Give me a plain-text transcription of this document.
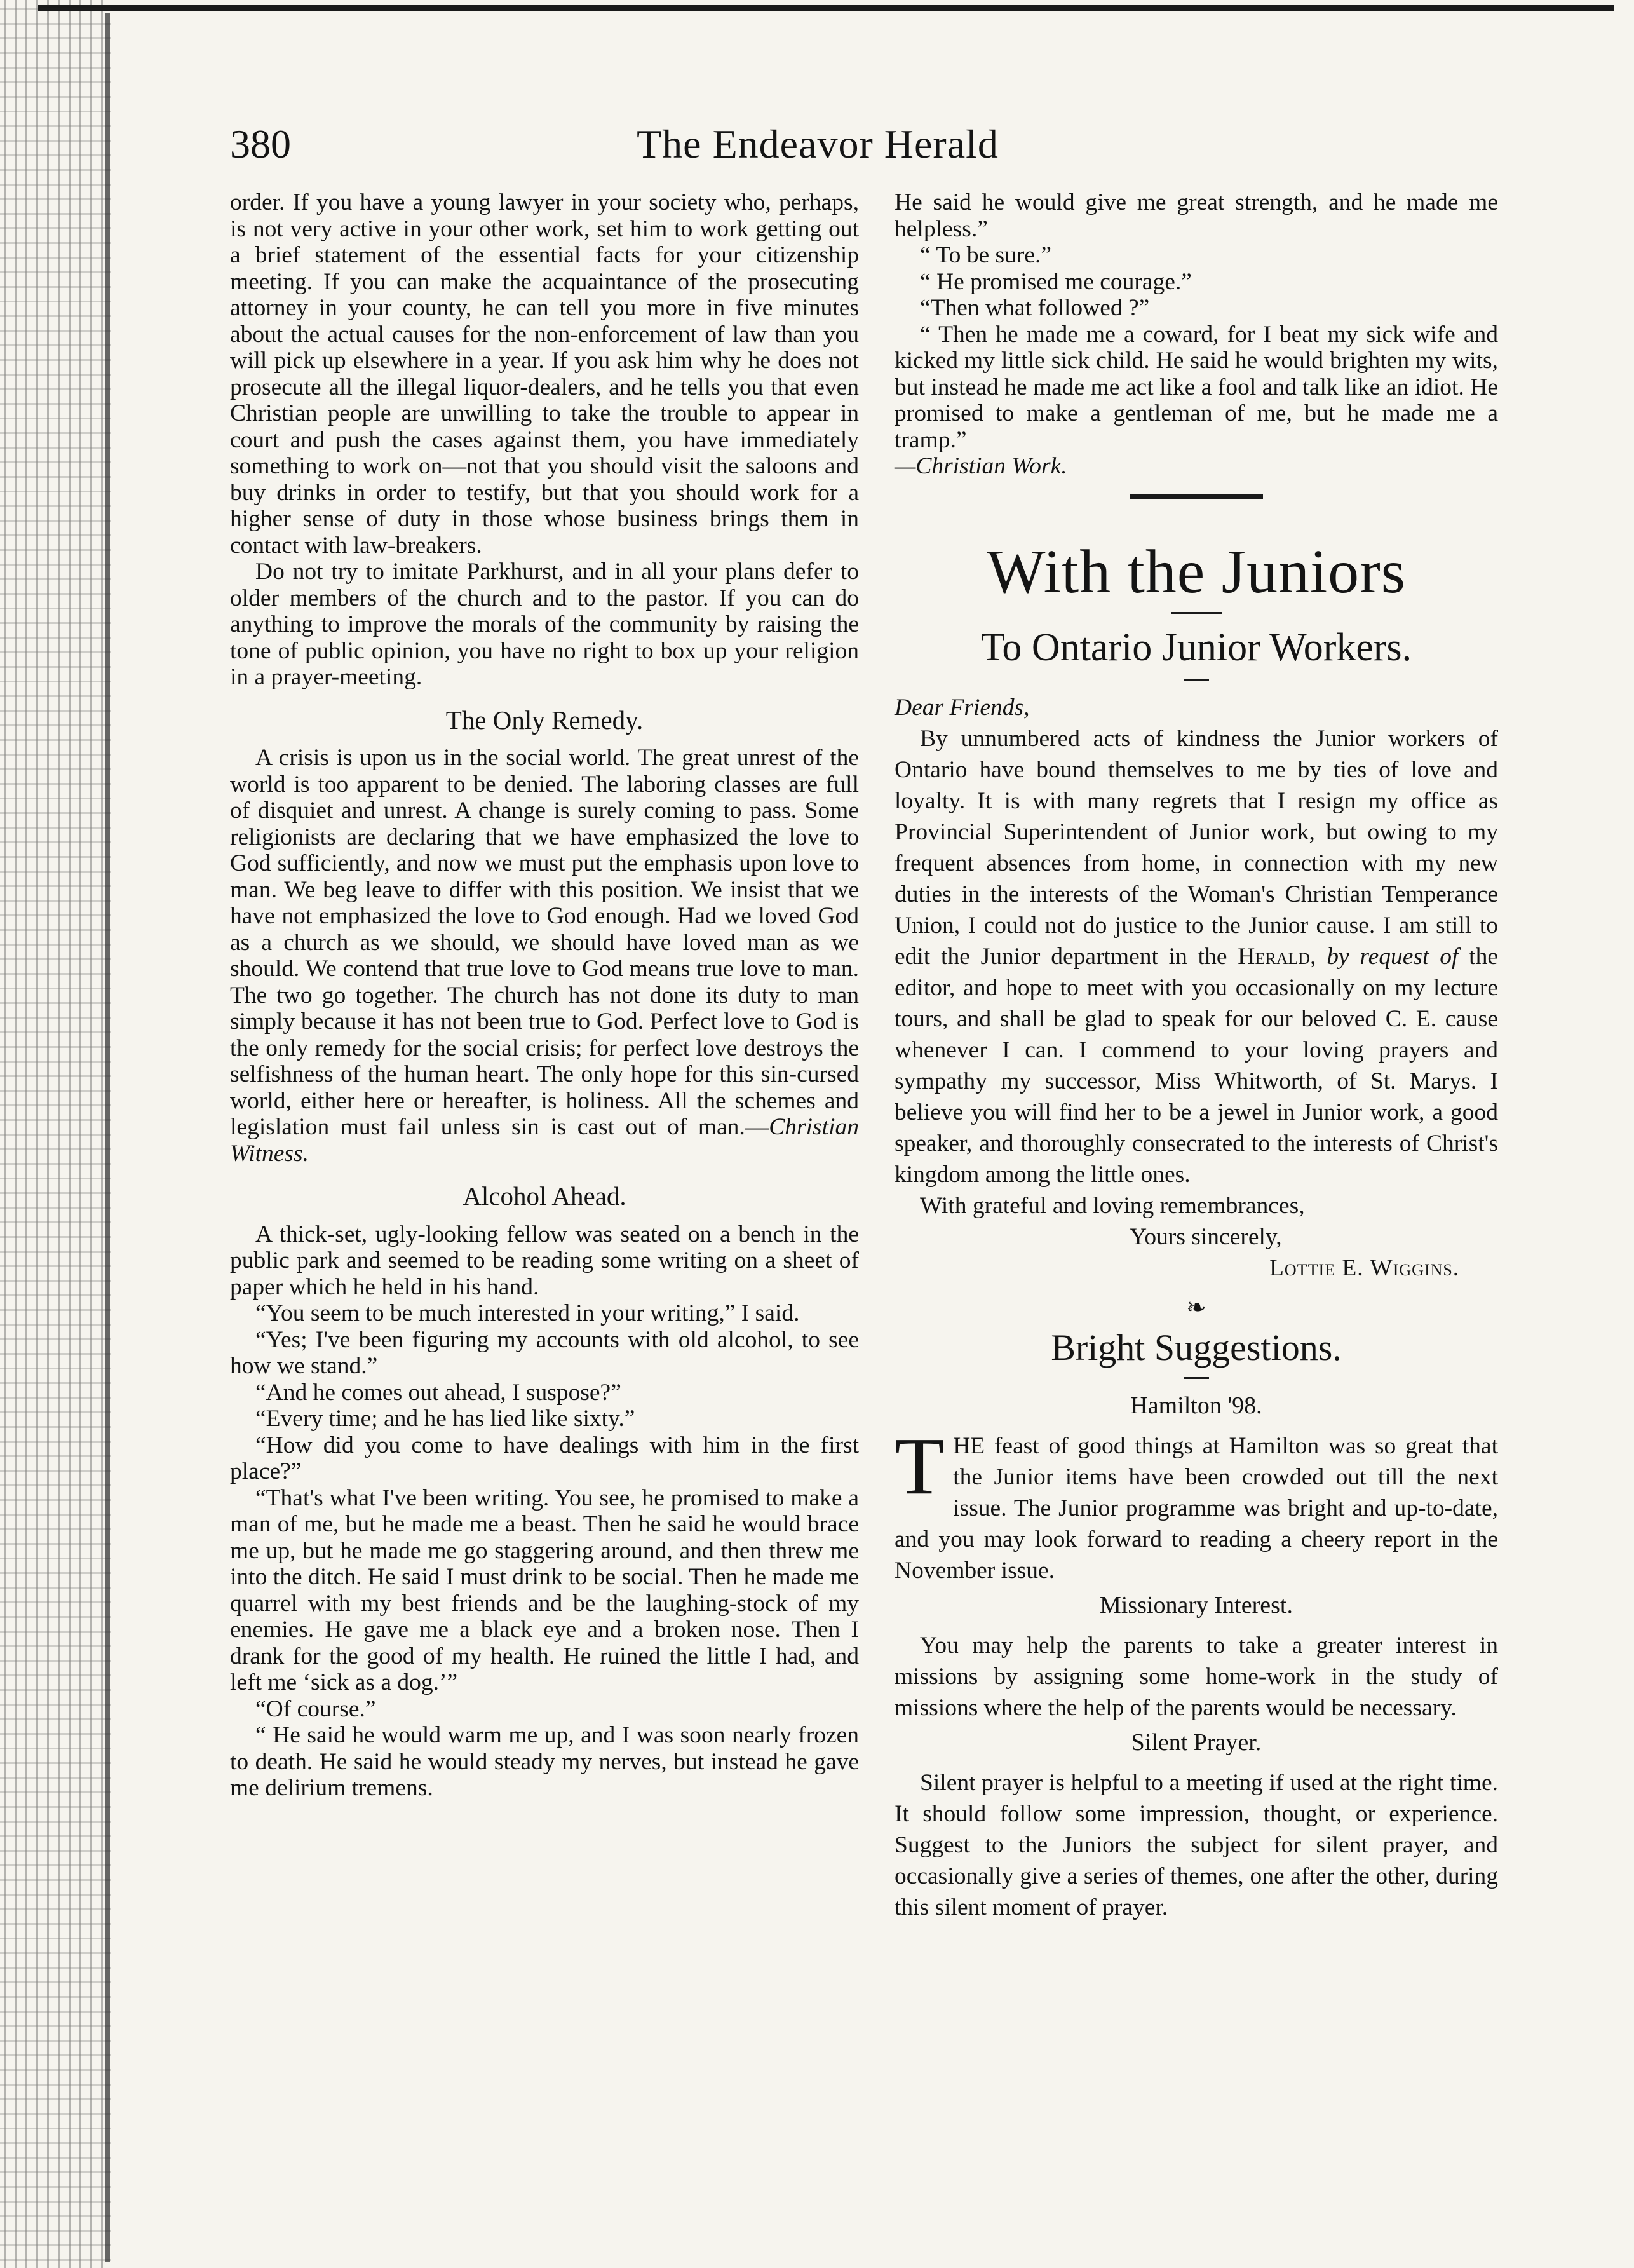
380	The Endeavor Herald

order. If you have a young lawyer in your society who, perhaps, is not very active in your other work, set him to work getting out a brief statement of the essential facts for your citizenship meeting. If you can make the acquaintance of the prosecuting attorney in your county, he can tell you more in five minutes about the actual causes for the non-enforcement of law than you will pick up elsewhere in a year. If you ask him why he does not prosecute all the illegal liquor-dealers, and he tells you that even Christian people are unwilling to take the trouble to appear in court and push the cases against them, you have immediately something to work on—not that you should visit the saloons and buy drinks in order to testify, but that you should work for a higher sense of duty in those whose business brings them in contact with law-breakers.

Do not try to imitate Parkhurst, and in all your plans defer to older members of the church and to the pastor. If you can do anything to improve the morals of the community by raising the tone of public opinion, you have no right to box up your religion in a prayer-meeting.

The Only Remedy.

A crisis is upon us in the social world. The great unrest of the world is too apparent to be denied. The laboring classes are full of disquiet and unrest. A change is surely coming to pass. Some religionists are declaring that we have emphasized the love to God sufficiently, and now we must put the emphasis upon love to man. We beg leave to differ with this position. We insist that we have not emphasized the love to God enough. Had we loved God as a church as we should, we should have loved man as we should. We contend that true love to God means true love to man. The two go together. The church has not done its duty to man simply because it has not been true to God. Perfect love to God is the only remedy for the social crisis; for perfect love destroys the selfishness of the human heart. The only hope for this sin-cursed world, either here or hereafter, is holiness. All the schemes and legislation must fail unless sin is cast out of man.—Christian Witness.

Alcohol Ahead.

A thick-set, ugly-looking fellow was seated on a bench in the public park and seemed to be reading some writing on a sheet of paper which he held in his hand.

“You seem to be much interested in your writing,” I said.

“Yes; I've been figuring my accounts with old alcohol, to see how we stand.”

“And he comes out ahead, I suspose?”

“Every time; and he has lied like sixty.”

“How did you come to have dealings with him in the first place?”

“That's what I've been writing. You see, he promised to make a man of me, but he made me a beast. Then he said he would brace me up, but he made me go staggering around, and then threw me into the ditch. He said I must drink to be social. Then he made me quarrel with my best friends and be the laughing-stock of my enemies. He gave me a black eye and a broken nose. Then I drank for the good of my health. He ruined the little I had, and left me ‘sick as a dog.’”

“Of course.”

“ He said he would warm me up, and I was soon nearly frozen to death. He said he would steady my nerves, but instead he gave me delirium tremens.

He said he would give me great strength, and he made me helpless.”

“ To be sure.”

“ He promised me courage.”

“Then what followed ?”

“ Then he made me a coward, for I beat my sick wife and kicked my little sick child. He said he would brighten my wits, but instead he made me act like a fool and talk like an idiot. He promised to make a gentleman of me, but he made me a tramp.”

—Christian Work.

With the Juniors
To Ontario Junior Workers.

Dear Friends,

By unnumbered acts of kindness the Junior workers of Ontario have bound themselves to me by ties of love and loyalty. It is with many regrets that I resign my office as Provincial Superintendent of Junior work, but owing to my frequent absences from home, in connection with my new duties in the interests of the Woman's Christian Temperance Union, I could not do justice to the Junior cause. I am still to edit the Junior department in the Herald, by request of the editor, and hope to meet with you occasionally on my lecture tours, and shall be glad to speak for our beloved C. E. cause whenever I can. I commend to your loving prayers and sympathy my successor, Miss Whitworth, of St. Marys. I believe you will find her to be a jewel in Junior work, a good speaker, and thoroughly consecrated to the interests of Christ's kingdom among the little ones.

With grateful and loving remembrances,

Yours sincerely,

Lottie E. Wiggins.

❧
Bright Suggestions.
Hamilton '98.

THE feast of good things at Hamilton was so great that the Junior items have been crowded out till the next issue. The Junior programme was bright and up-to-date, and you may look forward to reading a cheery report in the November issue.

Missionary Interest.

You may help the parents to take a greater interest in missions by assigning some home-work in the study of missions where the help of the parents would be necessary.

Silent Prayer.

Silent prayer is helpful to a meeting if used at the right time. It should follow some impression, thought, or experience. Suggest to the Juniors the subject for silent prayer, and occasionally give a series of themes, one after the other, during this silent moment of prayer.
